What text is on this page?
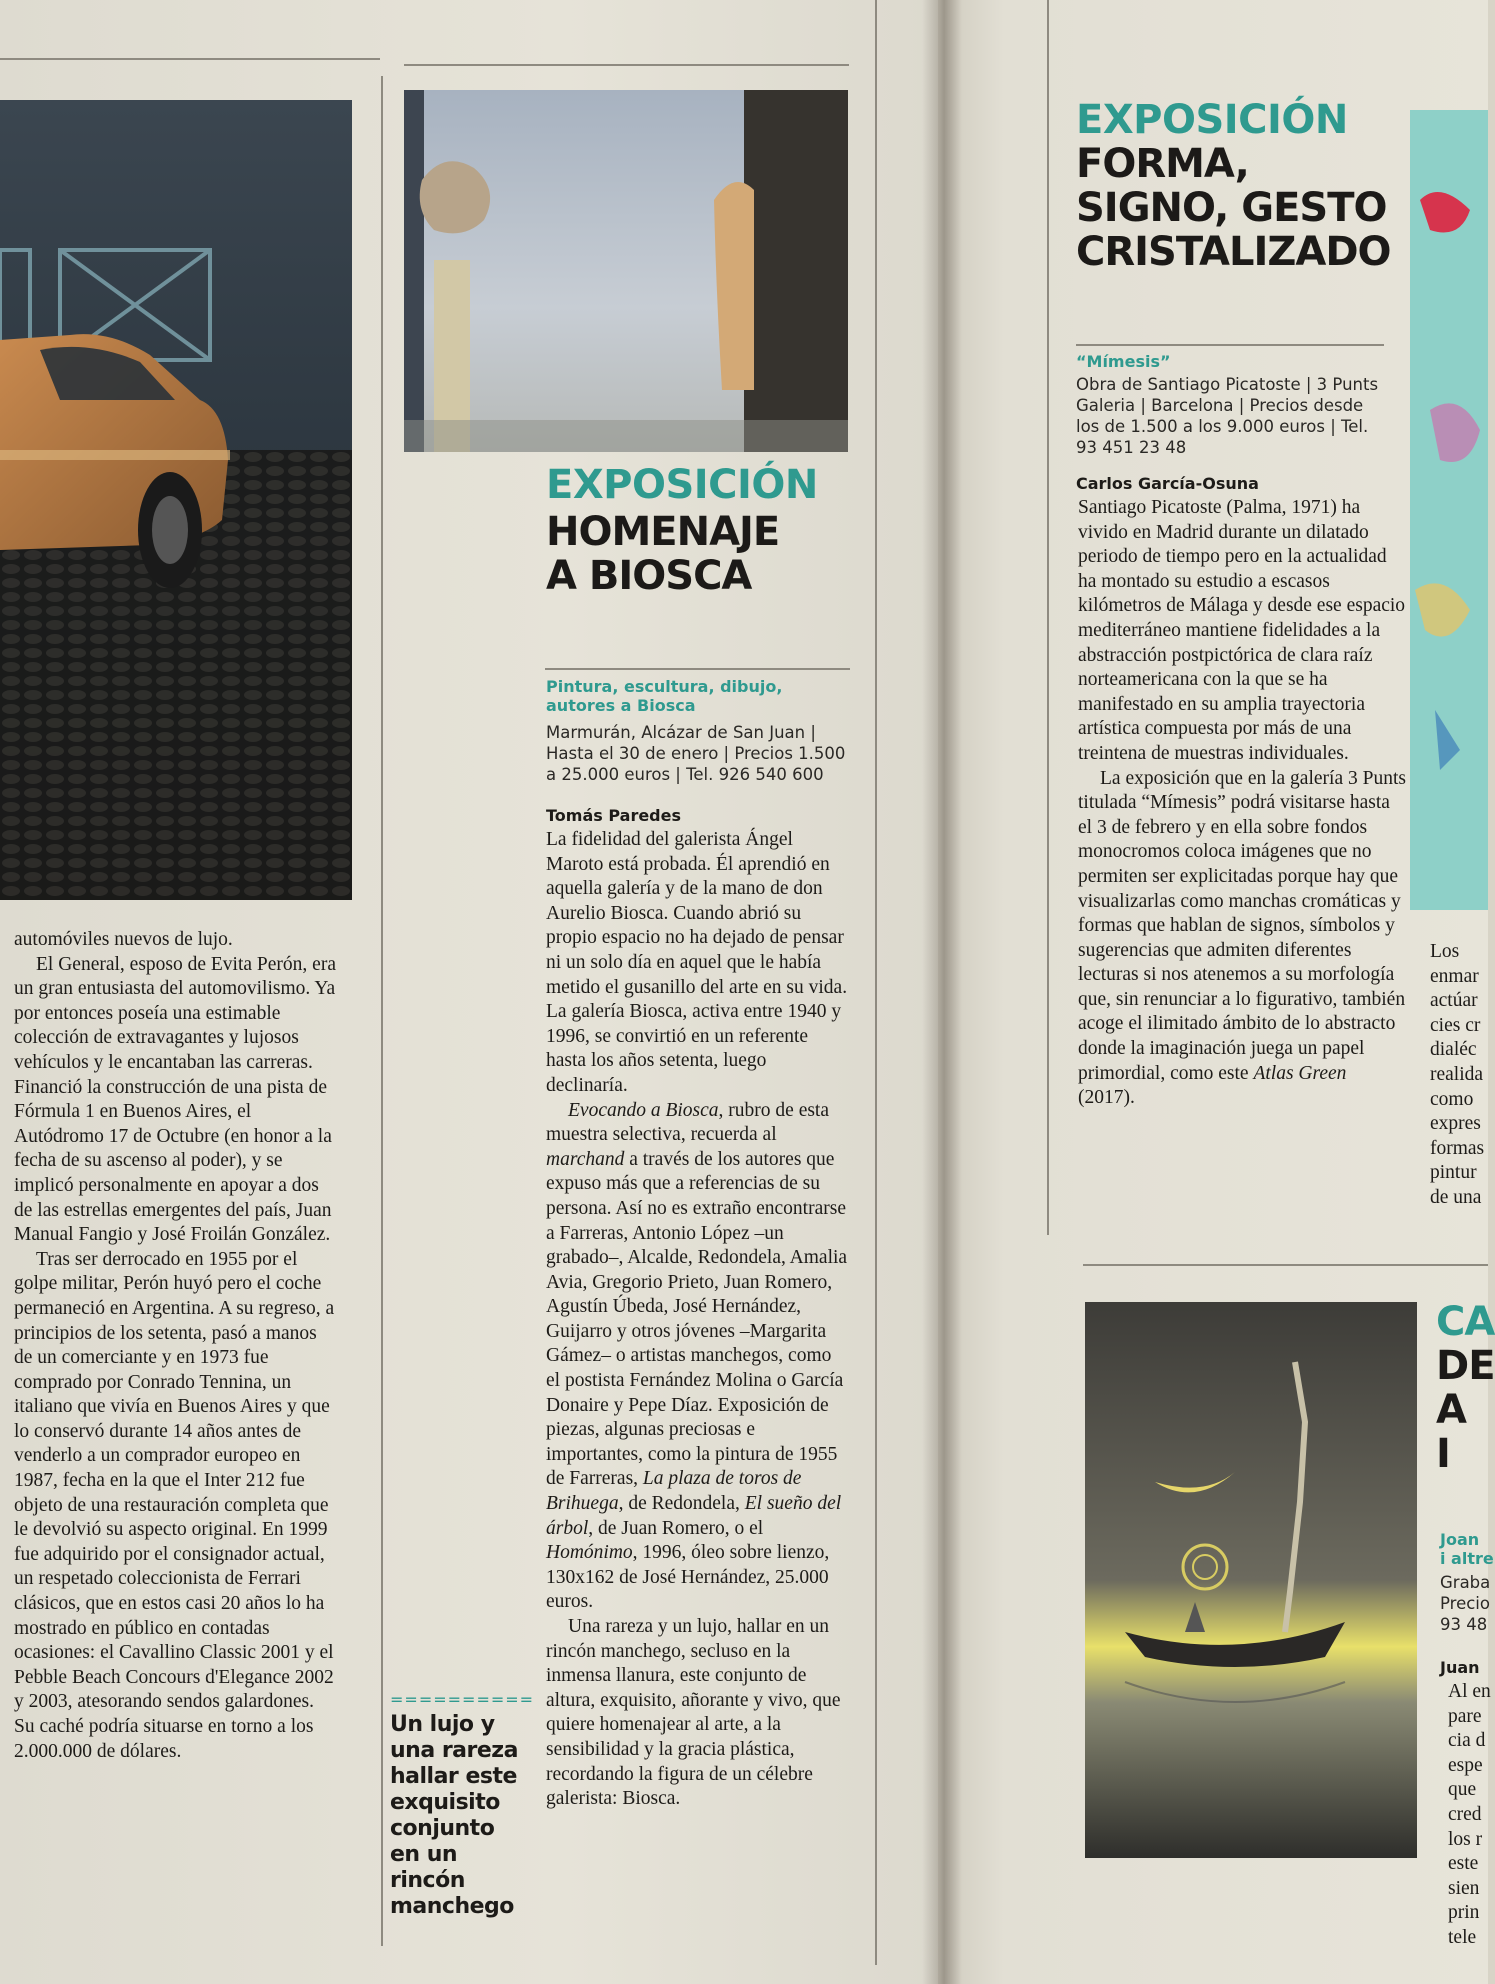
automóviles nuevos de lujo.

El General, esposo de Evita Perón, era un gran entusiasta del automovilismo. Ya por entonces poseía una estimable colección de extravagantes y lujosos vehículos y le encantaban las carreras. Financió la construcción de una pista de Fórmula 1 en Buenos Aires, el Autódromo 17 de Octubre (en honor a la fecha de su ascenso al poder), y se implicó personalmente en apoyar a dos de las estrellas emergentes del país, Juan Manual Fangio y José Froilán González.

Tras ser derrocado en 1955 por el golpe militar, Perón huyó pero el coche permaneció en Argentina. A su regreso, a principios de los setenta, pasó a manos de un comerciante y en 1973 fue comprado por Conrado Tennina, un italiano que vivía en Buenos Aires y que lo conservó durante 14 años antes de venderlo a un comprador europeo en 1987, fecha en la que el Inter 212 fue objeto de una restauración completa que le devolvió su aspecto original. En 1999 fue adquirido por el consignador actual, un respetado coleccionista de Ferrari clásicos, que en estos casi 20 años lo ha mostrado en público en contadas ocasiones: el Cavallino Classic 2001 y el Pebble Beach Concours d'Elegance 2002 y 2003, atesorando sendos galardones. Su caché podría situarse en torno a los 2.000.000 de dólares.

EXPOSICIÓN
HOMENAJE
A BIOSCA
Pintura, escultura, dibujo, autores a Biosca
Marmurán, Alcázar de San Juan | Hasta el 30 de enero | Precios 1.500 a 25.000 euros | Tel. 926 540 600
Tomás Paredes

La fidelidad del galerista Ángel Maroto está probada. Él aprendió en aquella galería y de la mano de don Aurelio Biosca. Cuando abrió su propio espacio no ha dejado de pensar ni un solo día en aquel que le había metido el gusanillo del arte en su vida. La galería Biosca, activa entre 1940 y 1996, se convirtió en un referente hasta los años setenta, luego declinaría.

Evocando a Biosca, rubro de esta muestra selectiva, recuerda al marchand a través de los autores que expuso más que a referencias de su persona. Así no es extraño encontrarse a Farreras, Antonio López –un grabado–, Alcalde, Redondela, Amalia Avia, Gregorio Prieto, Juan Romero, Agustín Úbeda, José Hernández, Guijarro y otros jóvenes –Margarita Gámez– o artistas manchegos, como el postista Fernández Molina o García Donaire y Pepe Díaz. Exposición de piezas, algunas preciosas e importantes, como la pintura de 1955 de Farreras, La plaza de toros de Brihuega, de Redondela, El sueño del árbol, de Juan Romero, o el Homónimo, 1996, óleo sobre lienzo, 130x162 de José Hernández, 25.000 euros.

Una rareza y un lujo, hallar en un rincón manchego, secluso en la inmensa llanura, este conjunto de altura, exquisito, añorante y vivo, que quiere homenajear al arte, a la sensibilidad y la gracia plástica, recordando la figura de un célebre galerista: Biosca.

==========
Un lujo y una rareza hallar este exquisito conjunto en un rincón manchego
EXPOSICIÓN
FORMA,
SIGNO, GESTO
CRISTALIZADO
“Mímesis”
Obra de Santiago Picatoste | 3 Punts Galeria | Barcelona | Precios desde los de 1.500 a los 9.000 euros | Tel. 93 451 23 48
Carlos García-Osuna

Santiago Picatoste (Palma, 1971) ha vivido en Madrid durante un dilatado periodo de tiempo pero en la actualidad ha montado su estudio a escasos kilómetros de Málaga y desde ese espacio mediterráneo mantiene fidelidades a la abstracción postpictórica de clara raíz norteamericana con la que se ha manifestado en su amplia trayectoria artística compuesta por más de una treintena de muestras individuales.

La exposición que en la galería 3 Punts titulada “Mímesis” podrá visitarse hasta el 3 de febrero y en ella sobre fondos monocromos coloca imágenes que no permiten ser explicitadas porque hay que visualizarlas como manchas cromáticas y formas que hablan de signos, símbolos y sugerencias que admiten diferentes lecturas si nos atenemos a su morfología que, sin renunciar a lo figurativo, también acoge el ilimitado ámbito de lo abstracto donde la imaginación juega un papel primordial, como este Atlas Green (2017).

Los
enmar
actúar
cies cr
dialéc
realida
como
expres
formas
pintur
de una
CA
DE
A I
Joan
i altre
Graba
Precio
93 48
Juan
Al en
pare
cia d
espe
que
cred
los r
este
sien
prin
tele
